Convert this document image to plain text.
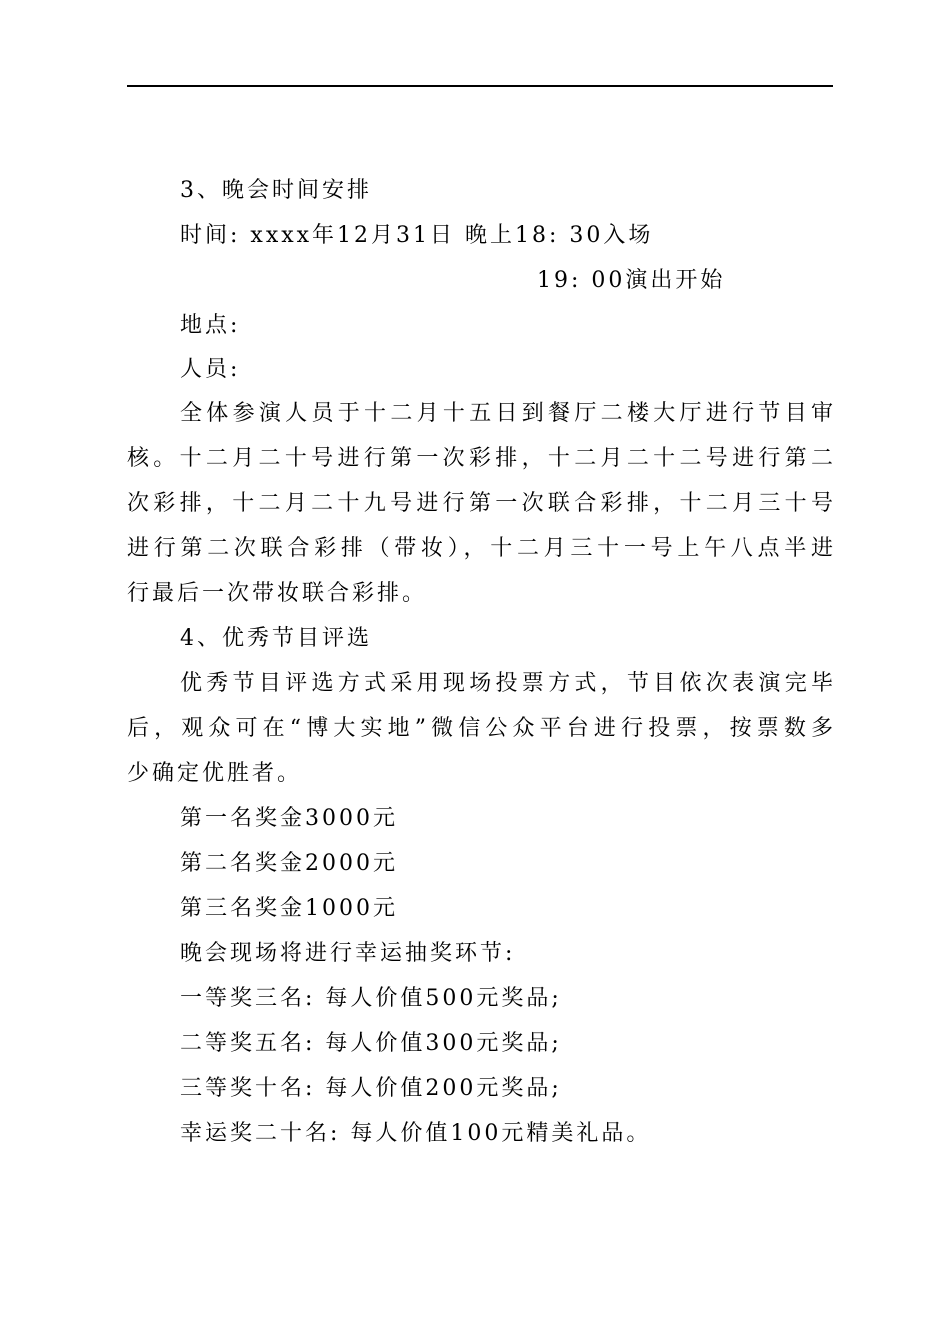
3、晚会时间安排

时间: xxxx年12月31日 晚上18: 30入场

19: 00演出开始

地点:

人员:

全体参演人员于十二月十五日到餐厅二楼大厅进行节目审

核。十二月二十号进行第一次彩排，十二月二十二号进行第二

次彩排，十二月二十九号进行第一次联合彩排，十二月三十号

进行第二次联合彩排（带妆），十二月三十一号上午八点半进

行最后一次带妆联合彩排。

4、优秀节目评选

优秀节目评选方式采用现场投票方式，节目依次表演完毕

后，观众可在“博大实地”微信公众平台进行投票，按票数多

少确定优胜者。

第一名奖金3000元

第二名奖金2000元

第三名奖金1000元

晚会现场将进行幸运抽奖环节:

一等奖三名: 每人价值500元奖品;

二等奖五名: 每人价值300元奖品;

三等奖十名: 每人价值200元奖品;

幸运奖二十名: 每人价值100元精美礼品。
